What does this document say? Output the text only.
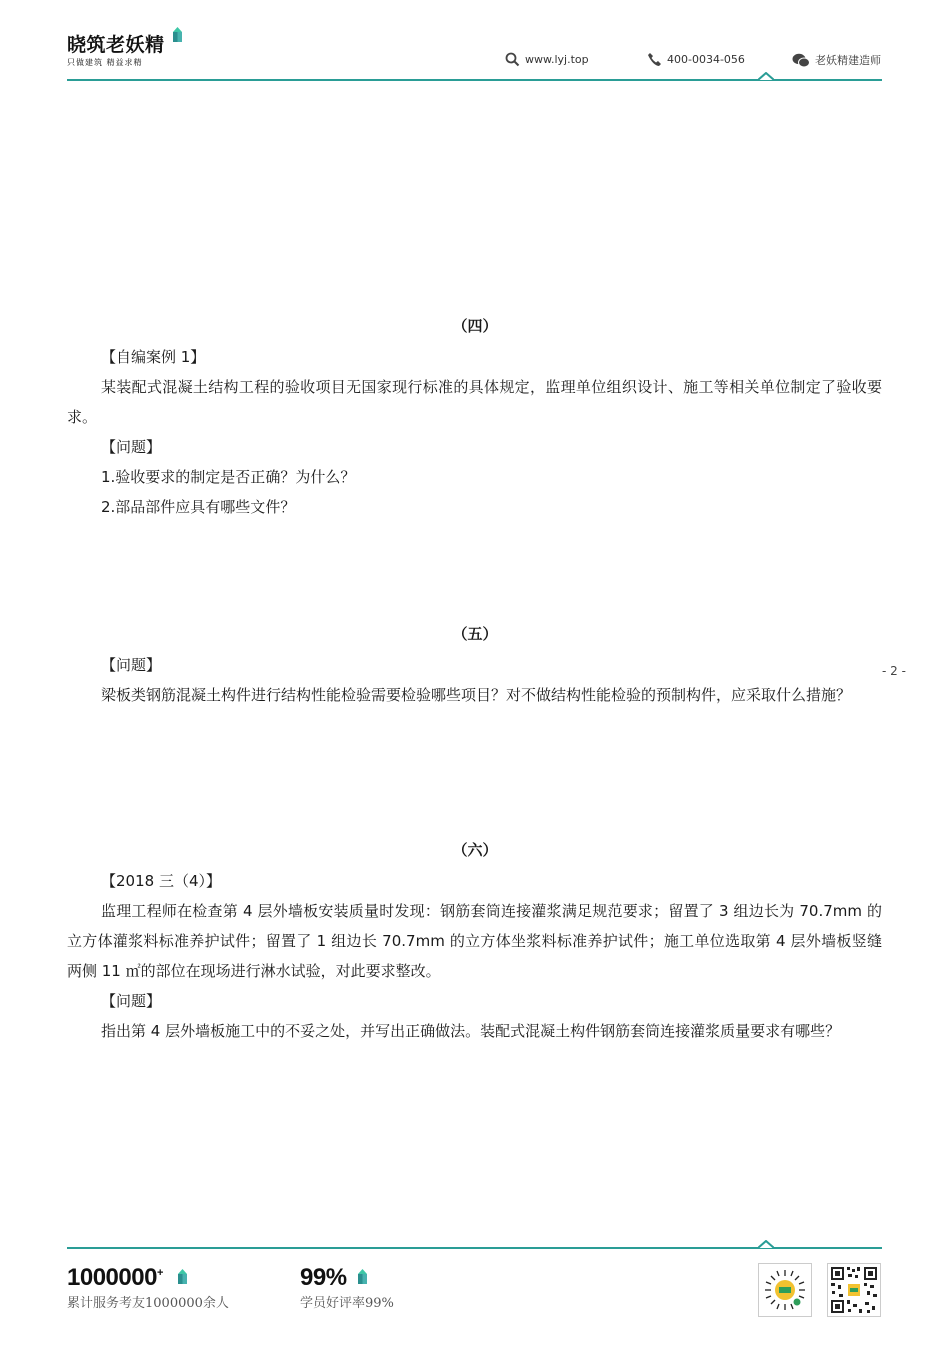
晓筑老妖精
只做建筑 精益求精	www.lyj.top	400-0034-056	老妖精建造师
（四）
【自编案例 1】
某装配式混凝土结构工程的验收项目无国家现行标准的具体规定，监理单位组织设计、施工等相关单位制定了验收要求。
【问题】
1.验收要求的制定是否正确？为什么？
2.部品部件应具有哪些文件？
（五）
【问题】
梁板类钢筋混凝土构件进行结构性能检验需要检验哪些项目？对不做结构性能检验的预制构件，应采取什么措施？
- 2 -
（六）
【2018 三（4）】
监理工程师在检查第 4 层外墙板安装质量时发现：钢筋套筒连接灌浆满足规范要求；留置了 3 组边长为 70.7mm 的立方体灌浆料标准养护试件；留置了 1 组边长 70.7mm 的立方体坐浆料标准养护试件；施工单位选取第 4 层外墙板竖缝两侧 11 ㎡的部位在现场进行淋水试验，对此要求整改。
【问题】
指出第 4 层外墙板施工中的不妥之处，并写出正确做法。装配式混凝土构件钢筋套筒连接灌浆质量要求有哪些？
1000000+
累计服务考友1000000余人
99%
学员好评率99%
